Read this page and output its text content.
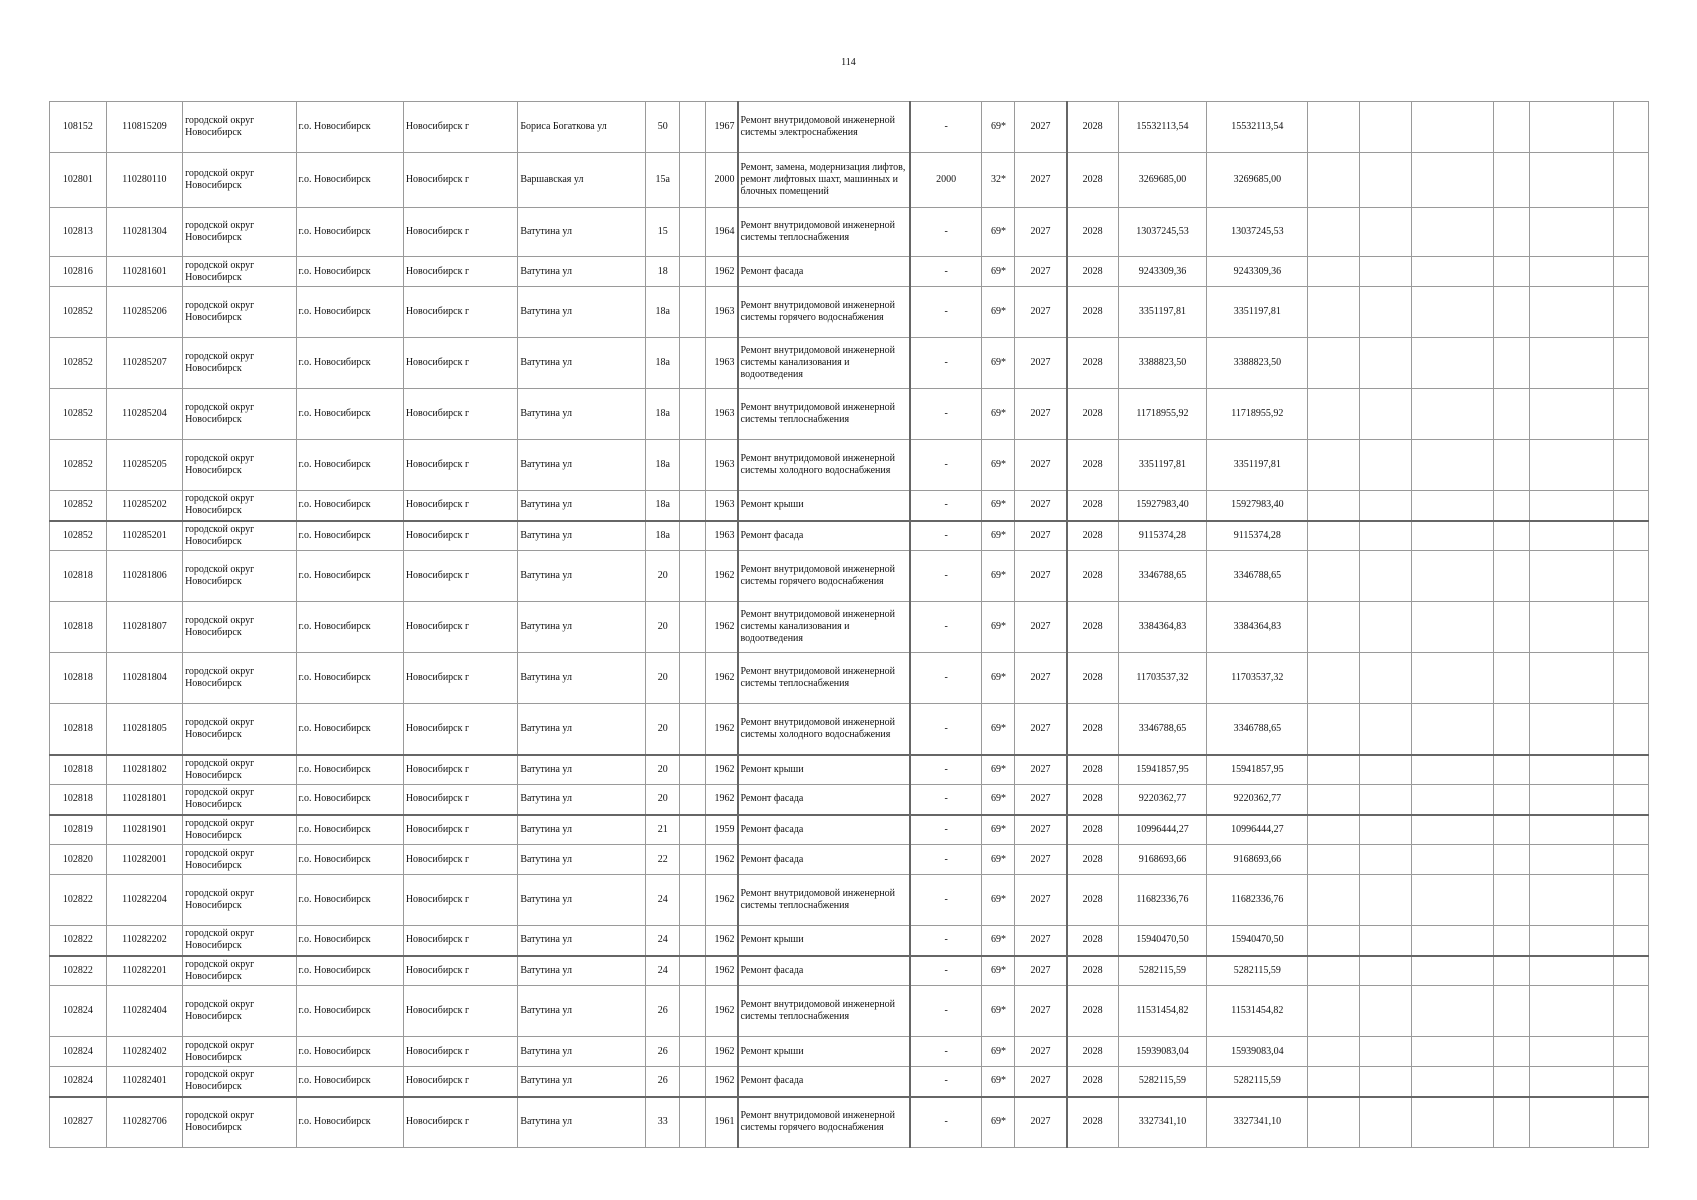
114
108152	110815209	городской округ Новосибирск	г.о. Новосибирск	Новосибирск г	Бориса Богаткова ул	50		1967	Ремонт внутридомовой инженерной системы электроснабжения	-	69*	2027	2028	15532113,54	15532113,54						
102801	110280110	городской округ Новосибирск	г.о. Новосибирск	Новосибирск г	Варшавская ул	15а		2000	Ремонт, замена, модернизация лифтов, ремонт лифтовых шахт, машинных и блочных помещений	2000	32*	2027	2028	3269685,00	3269685,00						
102813	110281304	городской округ Новосибирск	г.о. Новосибирск	Новосибирск г	Ватутина ул	15		1964	Ремонт внутридомовой инженерной системы теплоснабжения	-	69*	2027	2028	13037245,53	13037245,53						
102816	110281601	городской округ Новосибирск	г.о. Новосибирск	Новосибирск г	Ватутина ул	18		1962	Ремонт фасада	-	69*	2027	2028	9243309,36	9243309,36						
102852	110285206	городской округ Новосибирск	г.о. Новосибирск	Новосибирск г	Ватутина ул	18а		1963	Ремонт внутридомовой инженерной системы горячего водоснабжения	-	69*	2027	2028	3351197,81	3351197,81						
102852	110285207	городской округ Новосибирск	г.о. Новосибирск	Новосибирск г	Ватутина ул	18а		1963	Ремонт внутридомовой инженерной системы канализования и водоотведения	-	69*	2027	2028	3388823,50	3388823,50						
102852	110285204	городской округ Новосибирск	г.о. Новосибирск	Новосибирск г	Ватутина ул	18а		1963	Ремонт внутридомовой инженерной системы теплоснабжения	-	69*	2027	2028	11718955,92	11718955,92						
102852	110285205	городской округ Новосибирск	г.о. Новосибирск	Новосибирск г	Ватутина ул	18а		1963	Ремонт внутридомовой инженерной системы холодного водоснабжения	-	69*	2027	2028	3351197,81	3351197,81						
102852	110285202	городской округ Новосибирск	г.о. Новосибирск	Новосибирск г	Ватутина ул	18а		1963	Ремонт крыши	-	69*	2027	2028	15927983,40	15927983,40						
102852	110285201	городской округ Новосибирск	г.о. Новосибирск	Новосибирск г	Ватутина ул	18а		1963	Ремонт фасада	-	69*	2027	2028	9115374,28	9115374,28						
102818	110281806	городской округ Новосибирск	г.о. Новосибирск	Новосибирск г	Ватутина ул	20		1962	Ремонт внутридомовой инженерной системы горячего водоснабжения	-	69*	2027	2028	3346788,65	3346788,65						
102818	110281807	городской округ Новосибирск	г.о. Новосибирск	Новосибирск г	Ватутина ул	20		1962	Ремонт внутридомовой инженерной системы канализования и водоотведения	-	69*	2027	2028	3384364,83	3384364,83						
102818	110281804	городской округ Новосибирск	г.о. Новосибирск	Новосибирск г	Ватутина ул	20		1962	Ремонт внутридомовой инженерной системы теплоснабжения	-	69*	2027	2028	11703537,32	11703537,32						
102818	110281805	городской округ Новосибирск	г.о. Новосибирск	Новосибирск г	Ватутина ул	20		1962	Ремонт внутридомовой инженерной системы холодного водоснабжения	-	69*	2027	2028	3346788,65	3346788,65						
102818	110281802	городской округ Новосибирск	г.о. Новосибирск	Новосибирск г	Ватутина ул	20		1962	Ремонт крыши	-	69*	2027	2028	15941857,95	15941857,95						
102818	110281801	городской округ Новосибирск	г.о. Новосибирск	Новосибирск г	Ватутина ул	20		1962	Ремонт фасада	-	69*	2027	2028	9220362,77	9220362,77						
102819	110281901	городской округ Новосибирск	г.о. Новосибирск	Новосибирск г	Ватутина ул	21		1959	Ремонт фасада	-	69*	2027	2028	10996444,27	10996444,27						
102820	110282001	городской округ Новосибирск	г.о. Новосибирск	Новосибирск г	Ватутина ул	22		1962	Ремонт фасада	-	69*	2027	2028	9168693,66	9168693,66						
102822	110282204	городской округ Новосибирск	г.о. Новосибирск	Новосибирск г	Ватутина ул	24		1962	Ремонт внутридомовой инженерной системы теплоснабжения	-	69*	2027	2028	11682336,76	11682336,76						
102822	110282202	городской округ Новосибирск	г.о. Новосибирск	Новосибирск г	Ватутина ул	24		1962	Ремонт крыши	-	69*	2027	2028	15940470,50	15940470,50						
102822	110282201	городской округ Новосибирск	г.о. Новосибирск	Новосибирск г	Ватутина ул	24		1962	Ремонт фасада	-	69*	2027	2028	5282115,59	5282115,59						
102824	110282404	городской округ Новосибирск	г.о. Новосибирск	Новосибирск г	Ватутина ул	26		1962	Ремонт внутридомовой инженерной системы теплоснабжения	-	69*	2027	2028	11531454,82	11531454,82						
102824	110282402	городской округ Новосибирск	г.о. Новосибирск	Новосибирск г	Ватутина ул	26		1962	Ремонт крыши	-	69*	2027	2028	15939083,04	15939083,04						
102824	110282401	городской округ Новосибирск	г.о. Новосибирск	Новосибирск г	Ватутина ул	26		1962	Ремонт фасада	-	69*	2027	2028	5282115,59	5282115,59						
102827	110282706	городской округ Новосибирск	г.о. Новосибирск	Новосибирск г	Ватутина ул	33		1961	Ремонт внутридомовой инженерной системы горячего водоснабжения	-	69*	2027	2028	3327341,10	3327341,10						
